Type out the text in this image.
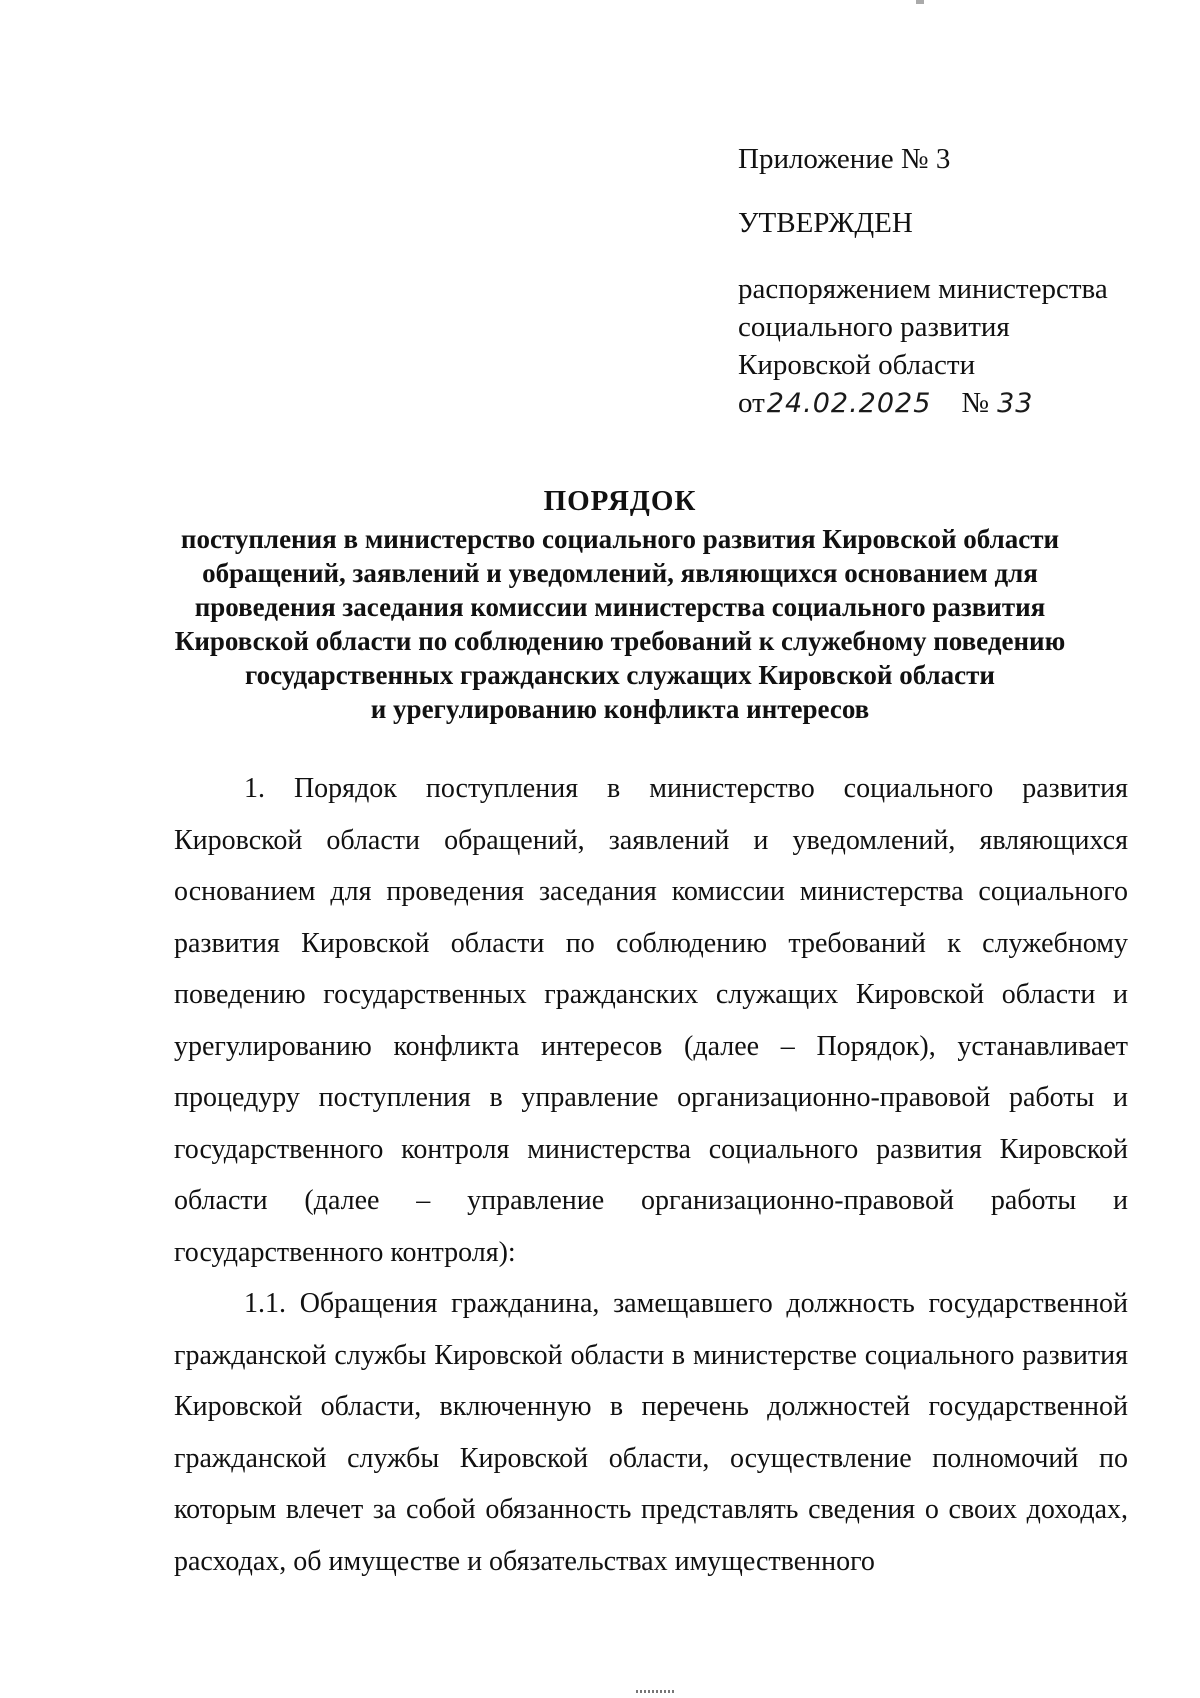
Приложение № 3
УТВЕРЖДЕН
распоряжением министерства
социального развития
Кировской области
от 24.02.2025 № 33
ПОРЯДОК
поступления в министерство социального развития Кировской области
обращений, заявлений и уведомлений, являющихся основанием для
проведения заседания комиссии министерства социального развития
Кировской области по соблюдению требований к служебному поведению
государственных гражданских служащих Кировской области
и урегулированию конфликта интересов

1. Порядок поступления в министерство социального развития Кировской области обращений, заявлений и уведомлений, являющихся основанием для проведения заседания комиссии министерства социального развития Кировской области по соблюдению требований к служебному поведению государственных гражданских служащих Кировской области и урегулированию конфликта интересов (далее – Порядок), устанавливает процедуру поступления в управление организационно-правовой работы и государственного контроля министерства социального развития Кировской области (далее – управление организационно-правовой работы и государственного контроля):

1.1. Обращения гражданина, замещавшего должность государственной гражданской службы Кировской области в министерстве социального развития Кировской области, включенную в перечень должностей государственной гражданской службы Кировской области, осуществление полномочий по которым влечет за собой обязанность представлять сведения о своих доходах, расходах, об имуществе и обязательствах имущественного
